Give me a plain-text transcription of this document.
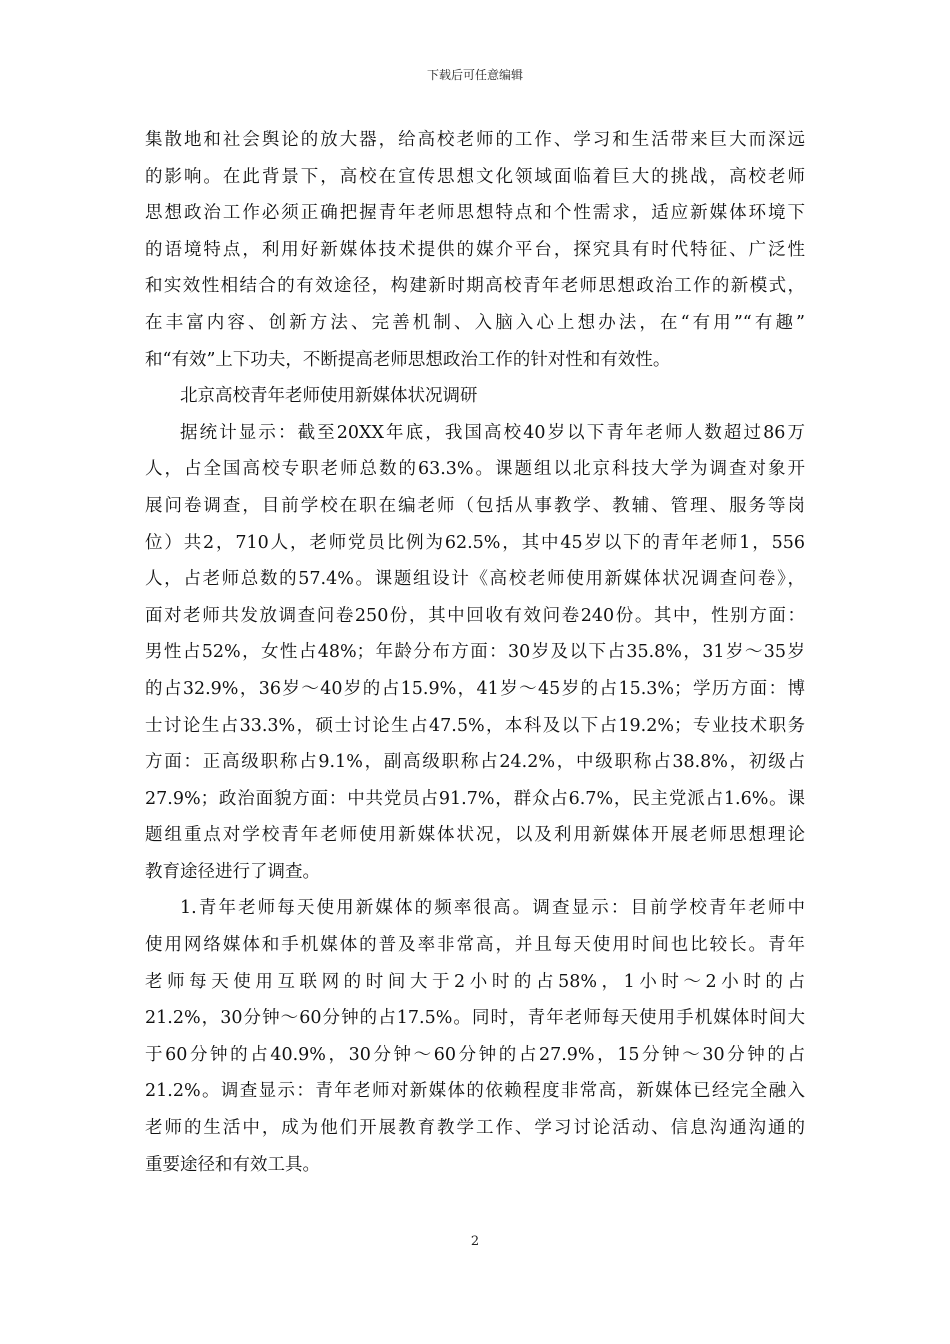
下载后可任意编辑
集散地和社会舆论的放大器，给高校老师的工作、学习和生活带来巨大而深远
的影响。在此背景下，高校在宣传思想文化领域面临着巨大的挑战，高校老师
思想政治工作必须正确把握青年老师思想特点和个性需求，适应新媒体环境下
的语境特点，利用好新媒体技术提供的媒介平台，探究具有时代特征、广泛性
和实效性相结合的有效途径，构建新时期高校青年老师思想政治工作的新模式，
在丰富内容、创新方法、完善机制、入脑入心上想办法，在“有用”“有趣”
和“有效”上下功夫，不断提高老师思想政治工作的针对性和有效性。
北京高校青年老师使用新媒体状况调研
据统计显示：截至20XX年底，我国高校40岁以下青年老师人数超过86万
人，占全国高校专职老师总数的63.3%。课题组以北京科技大学为调查对象开
展问卷调查，目前学校在职在编老师（包括从事教学、教辅、管理、服务等岗
位）共2，710人，老师党员比例为62.5%，其中45岁以下的青年老师1，556
人，占老师总数的57.4%。课题组设计《高校老师使用新媒体状况调查问卷》，
面对老师共发放调查问卷250份，其中回收有效问卷240份。其中，性别方面：
男性占52%，女性占48%；年龄分布方面：30岁及以下占35.8%，31岁～35岁
的占32.9%，36岁～40岁的占15.9%，41岁～45岁的占15.3%；学历方面：博
士讨论生占33.3%，硕士讨论生占47.5%，本科及以下占19.2%；专业技术职务
方面：正高级职称占9.1%，副高级职称占24.2%，中级职称占38.8%，初级占
27.9%；政治面貌方面：中共党员占91.7%，群众占6.7%，民主党派占1.6%。课
题组重点对学校青年老师使用新媒体状况，以及利用新媒体开展老师思想理论
教育途径进行了调查。
1.青年老师每天使用新媒体的频率很高。调查显示：目前学校青年老师中
使用网络媒体和手机媒体的普及率非常高，并且每天使用时间也比较长。青年
老师每天使用互联网的时间大于2小时的占58%，1小时～2小时的占
21.2%，30分钟～60分钟的占17.5%。同时，青年老师每天使用手机媒体时间大
于60分钟的占40.9%，30分钟～60分钟的占27.9%，15分钟～30分钟的占
21.2%。调查显示：青年老师对新媒体的依赖程度非常高，新媒体已经完全融入
老师的生活中，成为他们开展教育教学工作、学习讨论活动、信息沟通沟通的
重要途径和有效工具。
2
